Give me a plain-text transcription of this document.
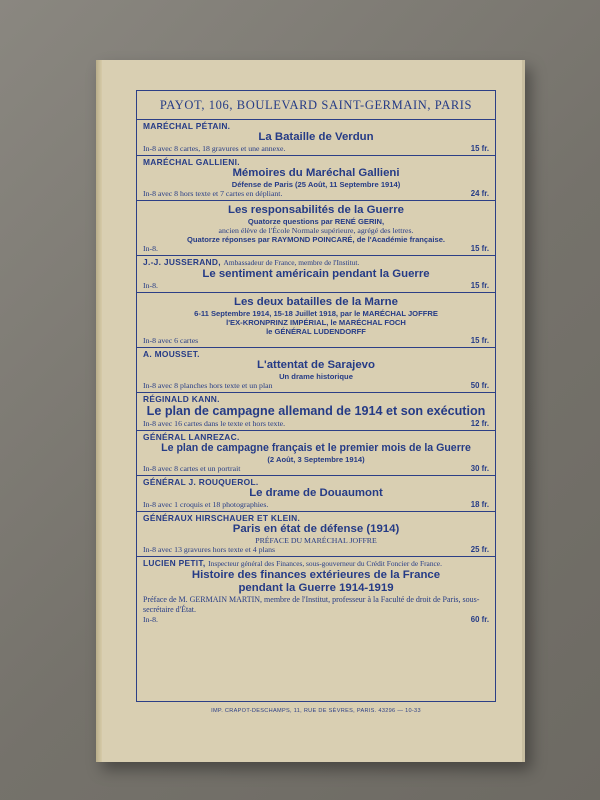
PAYOT, 106, BOULEVARD SAINT-GERMAIN, PARIS
MARÉCHAL PÉTAIN.
La Bataille de Verdun
In-8 avec 8 cartes, 18 gravures et une annexe.	15 fr.
MARÉCHAL GALLIENI.
Mémoires du Maréchal Gallieni
Défense de Paris (25 Août, 11 Septembre 1914)
In-8 avec 8 hors texte et 7 cartes en dépliant.	24 fr.
Les responsabilités de la Guerre
Quatorze questions par RENÉ GERIN,
ancien élève de l'École Normale supérieure, agrégé des lettres.
Quatorze réponses par RAYMOND POINCARÉ, de l'Académie française.
In-8.	15 fr.
J.-J. JUSSERAND, Ambassadeur de France, membre de l'Institut.
Le sentiment américain pendant la Guerre
In-8.	15 fr.
Les deux batailles de la Marne
6-11 Septembre 1914, 15-18 Juillet 1918, par le MARÉCHAL JOFFRE
l'EX-KRONPRINZ IMPÉRIAL, le MARÉCHAL FOCH
le GÉNÉRAL LUDENDORFF
In-8 avec 6 cartes	15 fr.
A. MOUSSET.
L'attentat de Sarajevo
Un drame historique
In-8 avec 8 planches hors texte et un plan	50 fr.
RÉGINALD KANN.
Le plan de campagne allemand de 1914 et son exécution
In-8 avec 16 cartes dans le texte et hors texte.	12 fr.
GÉNÉRAL LANREZAC.
Le plan de campagne français et le premier mois de la Guerre
(2 Août, 3 Septembre 1914)
In-8 avec 8 cartes et un portrait	30 fr.
GÉNÉRAL J. ROUQUEROL.
Le drame de Douaumont
In-8 avec 1 croquis et 18 photographies.	18 fr.
GÉNÉRAUX HIRSCHAUER ET KLEIN.
Paris en état de défense (1914)
PRÉFACE DU MARÉCHAL JOFFRE
In-8 avec 13 gravures hors texte et 4 plans	25 fr.
LUCIEN PETIT, Inspecteur général des Finances, sous-gouverneur du Crédit Foncier de France.
Histoire des finances extérieures de la France
pendant la Guerre 1914-1919
Préface de M. GERMAIN MARTIN, membre de l'Institut, professeur à la Faculté de droit de Paris, sous-secrétaire d'État.
In-8.	60 fr.
IMP. CRAPOT-DESCHAMPS, 11, RUE DE SÈVRES, PARIS. 43296 — 10-33
